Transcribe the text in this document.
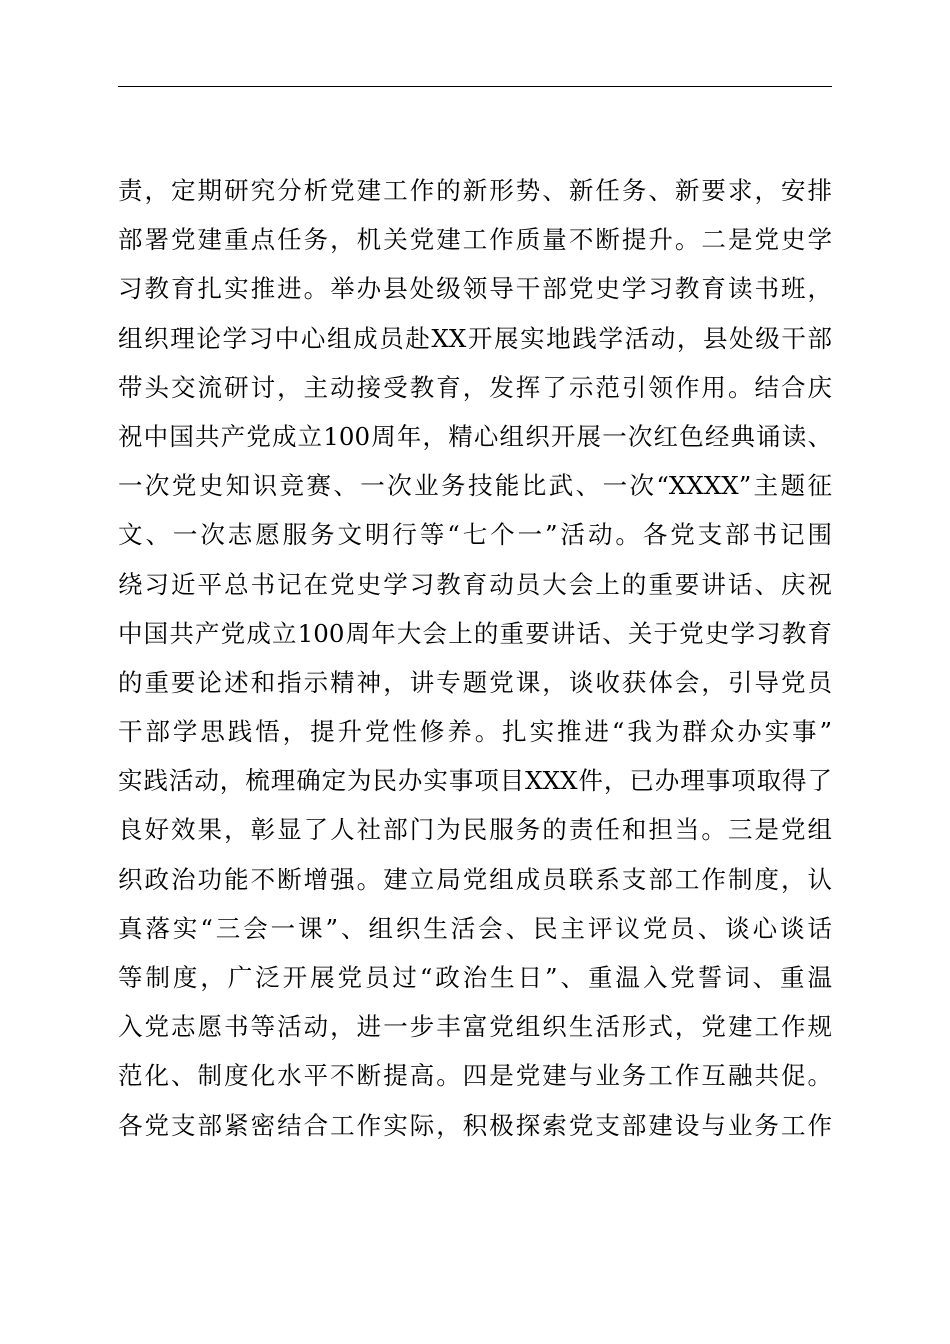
责，定期研究分析党建工作的新形势、新任务、新要求，安排
部署党建重点任务，机关党建工作质量不断提升。二是党史学
习教育扎实推进。举办县处级领导干部党史学习教育读书班，
组织理论学习中心组成员赴XX开展实地践学活动，县处级干部
带头交流研讨，主动接受教育，发挥了示范引领作用。结合庆
祝中国共产党成立100周年，精心组织开展一次红色经典诵读、
一次党史知识竞赛、一次业务技能比武、一次“XXXX”主题征
文、一次志愿服务文明行等“七个一”活动。各党支部书记围
绕习近平总书记在党史学习教育动员大会上的重要讲话、庆祝
中国共产党成立100周年大会上的重要讲话、关于党史学习教育
的重要论述和指示精神，讲专题党课，谈收获体会，引导党员
干部学思践悟，提升党性修养。扎实推进“我为群众办实事”
实践活动，梳理确定为民办实事项目XXX件，已办理事项取得了
良好效果，彰显了人社部门为民服务的责任和担当。三是党组
织政治功能不断增强。建立局党组成员联系支部工作制度，认
真落实“三会一课”、组织生活会、民主评议党员、谈心谈话
等制度，广泛开展党员过“政治生日”、重温入党誓词、重温
入党志愿书等活动，进一步丰富党组织生活形式，党建工作规
范化、制度化水平不断提高。四是党建与业务工作互融共促。
各党支部紧密结合工作实际，积极探索党支部建设与业务工作
